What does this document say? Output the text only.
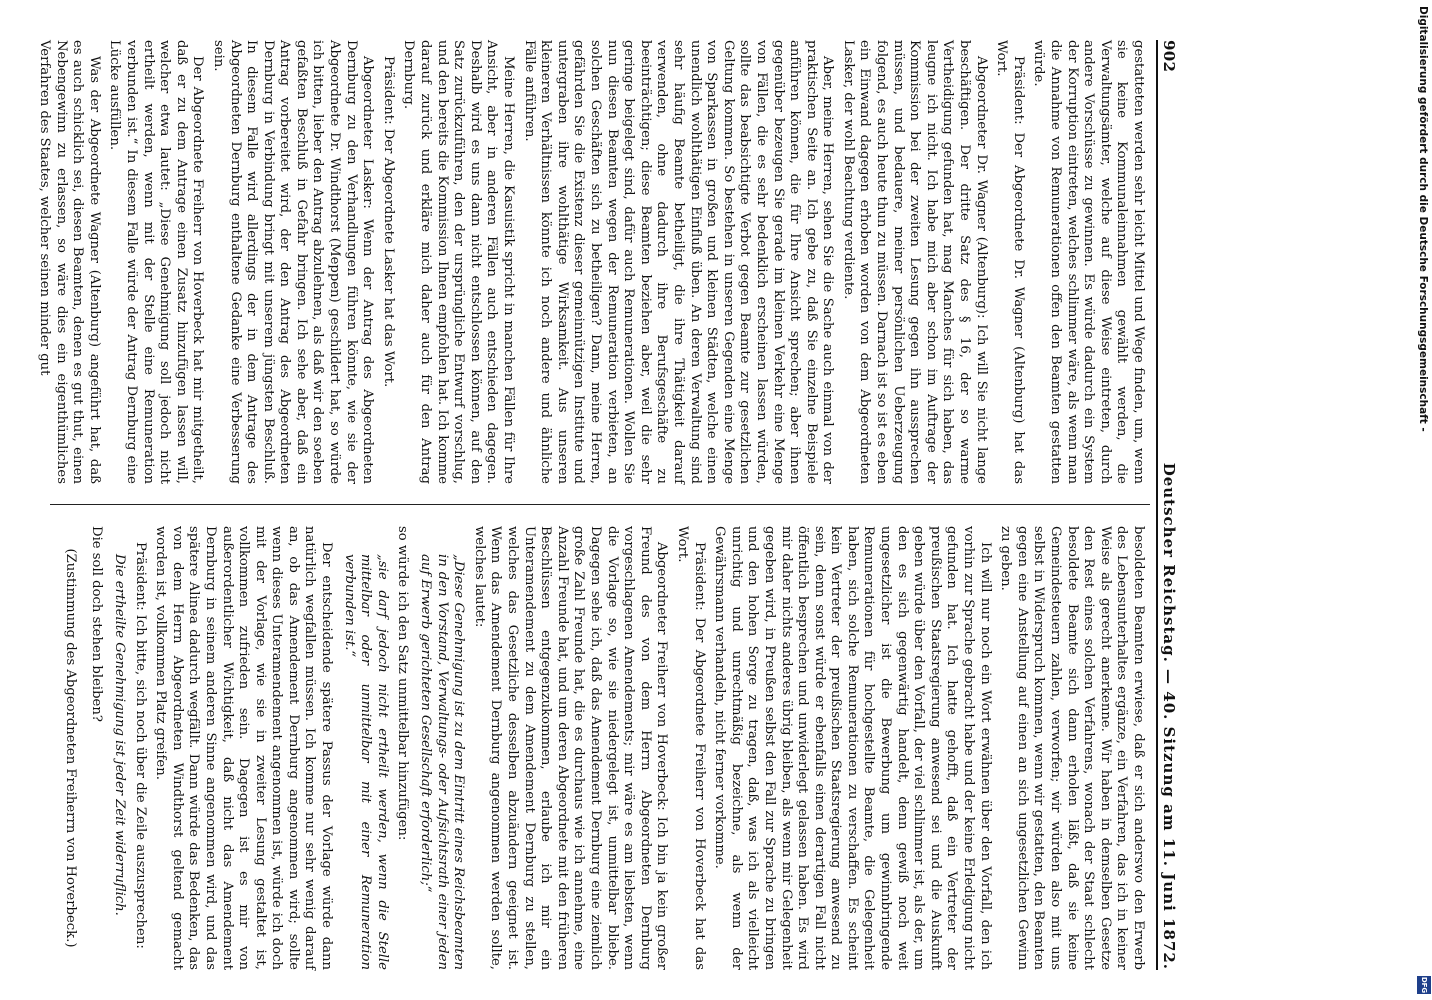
902
Deutscher Reichstag. — 40. Sitzung am 11. Juni 1872.

gestatteten werden sehr leicht Mittel und Wege finden, um, wenn sie keine Kommunaleinnahmen gewählt werden, die Verwaltungsämter, welche auf diese Weise eintreten, durch andere Vorschüsse zu gewinnen. Es würde dadurch ein System der Korruption eintreten, welches schlimmer wäre, als wenn man die Annahme von Remunerationen offen den Beamten gestatten würde.

Präsident: Der Abgeordnete Dr. Wagner (Altenburg) hat das Wort.

Abgeordneter Dr. Wagner (Altenburg): Ich will Sie nicht lange beschäftigen. Der dritte Satz des § 16, der so warme Vertheidigung gefunden hat, mag Manches für sich haben, das leugne ich nicht. Ich habe mich aber schon im Auftrage der Kommission bei der zweiten Lesung gegen ihn aussprechen müssen, und bedauere, meiner persönlichen Ueberzeugung folgend, es auch heute thun zu müssen. Darnach ist so ist es eben ein Einwand dagegen erhoben worden von dem Abgeordneten Lasker, der wohl Beachtung verdiente.

Aber, meine Herren, sehen Sie die Sache auch einmal von der praktischen Seite an. Ich gebe zu, daß Sie einzelne Beispiele anführen können, die für Ihre Ansicht sprechen; aber ihnen gegenüber bezeugen Sie gerade im kleinen Verkehr eine Menge von Fällen, die es sehr bedenklich erscheinen lassen würden, sollte das beabsichtigte Verbot gegen Beamte zur gesetzlichen Geltung kommen. So bestehen in unseren Gegenden eine Menge von Sparkassen in großen und kleinen Städten, welche einen unendlich wohlthätigen Einfluß üben. An deren Verwaltung sind sehr häufig Beamte betheiligt, die ihre Thätigkeit darauf verwenden, ohne dadurch ihre Berufsgeschäfte zu beeinträchtigen; diese Beamten beziehen aber, weil die sehr geringe beigelegt sind, dafür auch Remunerationen. Wollen Sie nun diesen Beamten wegen der Remuneration verbieten, an solchen Geschäften sich zu betheiligen? Dann, meine Herren, gefährden Sie die Existenz dieser gemeinnützigen Institute und untergraben ihre wohlthätige Wirksamkeit. Aus unseren kleineren Verhältnissen könnte ich noch andere und ähnliche Fälle anführen.

Meine Herren, die Kasuistik spricht in manchen Fällen für Ihre Ansicht, aber in anderen Fällen auch entschieden dagegen. Deshalb wird es uns dann nicht entschlossen können, auf den Satz zurückzuführen, den der ursprüngliche Entwurf vorschlug, und den bereits die Kommission Ihnen empfohlen hat. Ich komme darauf zurück und erkläre mich daher auch für den Antrag Dernburg.

Präsident: Der Abgeordnete Lasker hat das Wort.

Abgeordneter Lasker: Wenn der Antrag des Abgeordneten Dernburg zu den Verhandlungen führen könnte, wie sie der Abgeordnete Dr. Windthorst (Meppen) geschildert hat, so würde ich bitten, lieber den Antrag abzulehnen, als daß wir den soeben gefaßten Beschluß in Gefahr bringen. Ich sehe aber, daß ein Antrag vorbereitet wird, der den Antrag des Abgeordneten Dernburg in Verbindung bringt mit unserem jüngsten Beschluß. In diesem Falle wird allerdings der in dem Antrage des Abgeordneten Dernburg enthaltene Gedanke eine Verbesserung sein.

Der Abgeordnete Freiherr von Hoverbeck hat mir mitgetheilt, daß er zu dem Antrage einen Zusatz hinzufügen lassen will, welcher etwa lautet: „Diese Genehmigung soll jedoch nicht ertheilt werden, wenn mit der Stelle eine Remuneration verbunden ist.“ In diesem Falle würde der Antrag Dernburg eine Lücke ausfüllen.

Was der Abgeordnete Wagner (Altenburg) angeführt hat, daß es auch schicklich sei, diesen Beamten, denen es gut thut, einen Nebengewinn zu erlassen, so wäre dies ein eigenthümliches Verfahren des Staates, welcher seinen minder gut

besoldeten Beamten erwiese, daß er sich anderswo den Erwerb des Lebensunterhaltes ergänze, ein Verfahren, das ich in keiner Weise als gerecht anerkenne. Wir haben in demselben Gesetze den Rest eines solchen Verfahrens, wonach der Staat schlecht besoldete Beamte sich dann erholen läßt, daß sie keine Gemeindesteuern zahlen, verworfen; wir würden also mit uns selbst in Widerspruch kommen, wenn wir gestatten, den Beamten gegen eine Anstellung auf einen an sich ungesetzlichen Gewinn zu geben.

Ich will nur noch ein Wort erwähnen über den Vorfall, den ich vorhin zur Sprache gebracht habe und der keine Erledigung nicht gefunden hat. Ich hatte gehofft, daß ein Vertreter der preußischen Staatsregierung anwesend sei und die Auskunft geben würde über den Vorfall, der viel schlimmer ist, als der, um den es sich gegenwärtig handelt, denn gewiß noch weit ungesetzlicher ist die Bewerbung um gewinnbringende Remunerationen für hochgestellte Beamte, die Gelegenheit haben, sich solche Remunerationen zu verschaffen. Es scheint kein Vertreter der preußischen Staatsregierung anwesend zu sein, denn sonst würde er ebenfalls einen derartigen Fall nicht öffentlich besprechen und unwiderlegt gelassen haben. Es wird mir daher nichts anderes übrig bleiben, als wenn mir Gelegenheit gegeben wird, in Preußen selbst den Fall zur Sprache zu bringen und den hohen Sorge zu tragen, daß, was ich als vielleicht unrichtig und unrechtmäßig bezeichne, als wenn der Gewährsmann verhandeln, nicht ferner vorkomme.

Präsident: Der Abgeordnete Freiherr von Hoverbeck hat das Wort.

Abgeordneter Freiherr von Hoverbeck: Ich bin ja kein großer Freund des von dem Herrn Abgeordneten Dernburg vorgeschlagenen Amendements; mir wäre es am liebsten, wenn die Vorlage so, wie sie niedergelegt ist, unmittelbar bliebe. Dagegen sehe ich, daß das Amendement Dernburg eine ziemlich große Zahl Freunde hat, die es durchaus wie ich annehme, eine Anzahl Freunde hat, und um deren Abgeordnete mit den früheren Beschlüssen entgegenzukommen, erlaube ich mir ein Unteramendement zu dem Amendement Dernburg zu stellen, welches das Gesetzliche desselben abzuändern geeignet ist. Wenn das Amendement Dernburg angenommen werden sollte, welches lautet:

„Diese Genehmigung ist zu dem Eintritt eines Reichsbeamten in den Vorstand, Verwaltungs- oder Aufsichtsrath einer jeden auf Erwerb gerichteten Gesellschaft erforderlich;“

so würde ich den Satz unmittelbar hinzufügen:

„sie darf jedoch nicht ertheilt werden, wenn die Stelle mittelbar oder unmittelbar mit einer Remuneration verbunden ist.“

Der entscheidende spätere Passus der Vorlage würde dann natürlich wegfallen müssen. Ich komme nur sehr wenig darauf an, ob das Amendement Dernburg angenommen wird; sollte wenn dieses Unteramendement angenommen ist, würde ich doch mit der Vorlage, wie sie in zweiter Lesung gestaltet ist, vollkommen zufrieden sein. Dagegen ist es mir von außerordentlicher Wichtigkeit, daß nicht das Amendement Dernburg in seinem anderen Sinne angenommen wird, und das spätere Alinea dadurch wegfällt. Dann würde das Bedenken, das von dem Herrn Abgeordneten Windthorst geltend gemacht worden ist, vollkommen Platz greifen.

Präsident: Ich bitte, sich noch über die Zeile auszusprechen:

Die ertheilte Genehmigung ist jeder Zeit widerruflich.

Die soll doch stehen bleiben?

(Zustimmung des Abgeordneten Freiherrn von Hoverbeck.)

Digitalisierung gefördert durch die Deutsche Forschungsgemeinschaft -
DFG
